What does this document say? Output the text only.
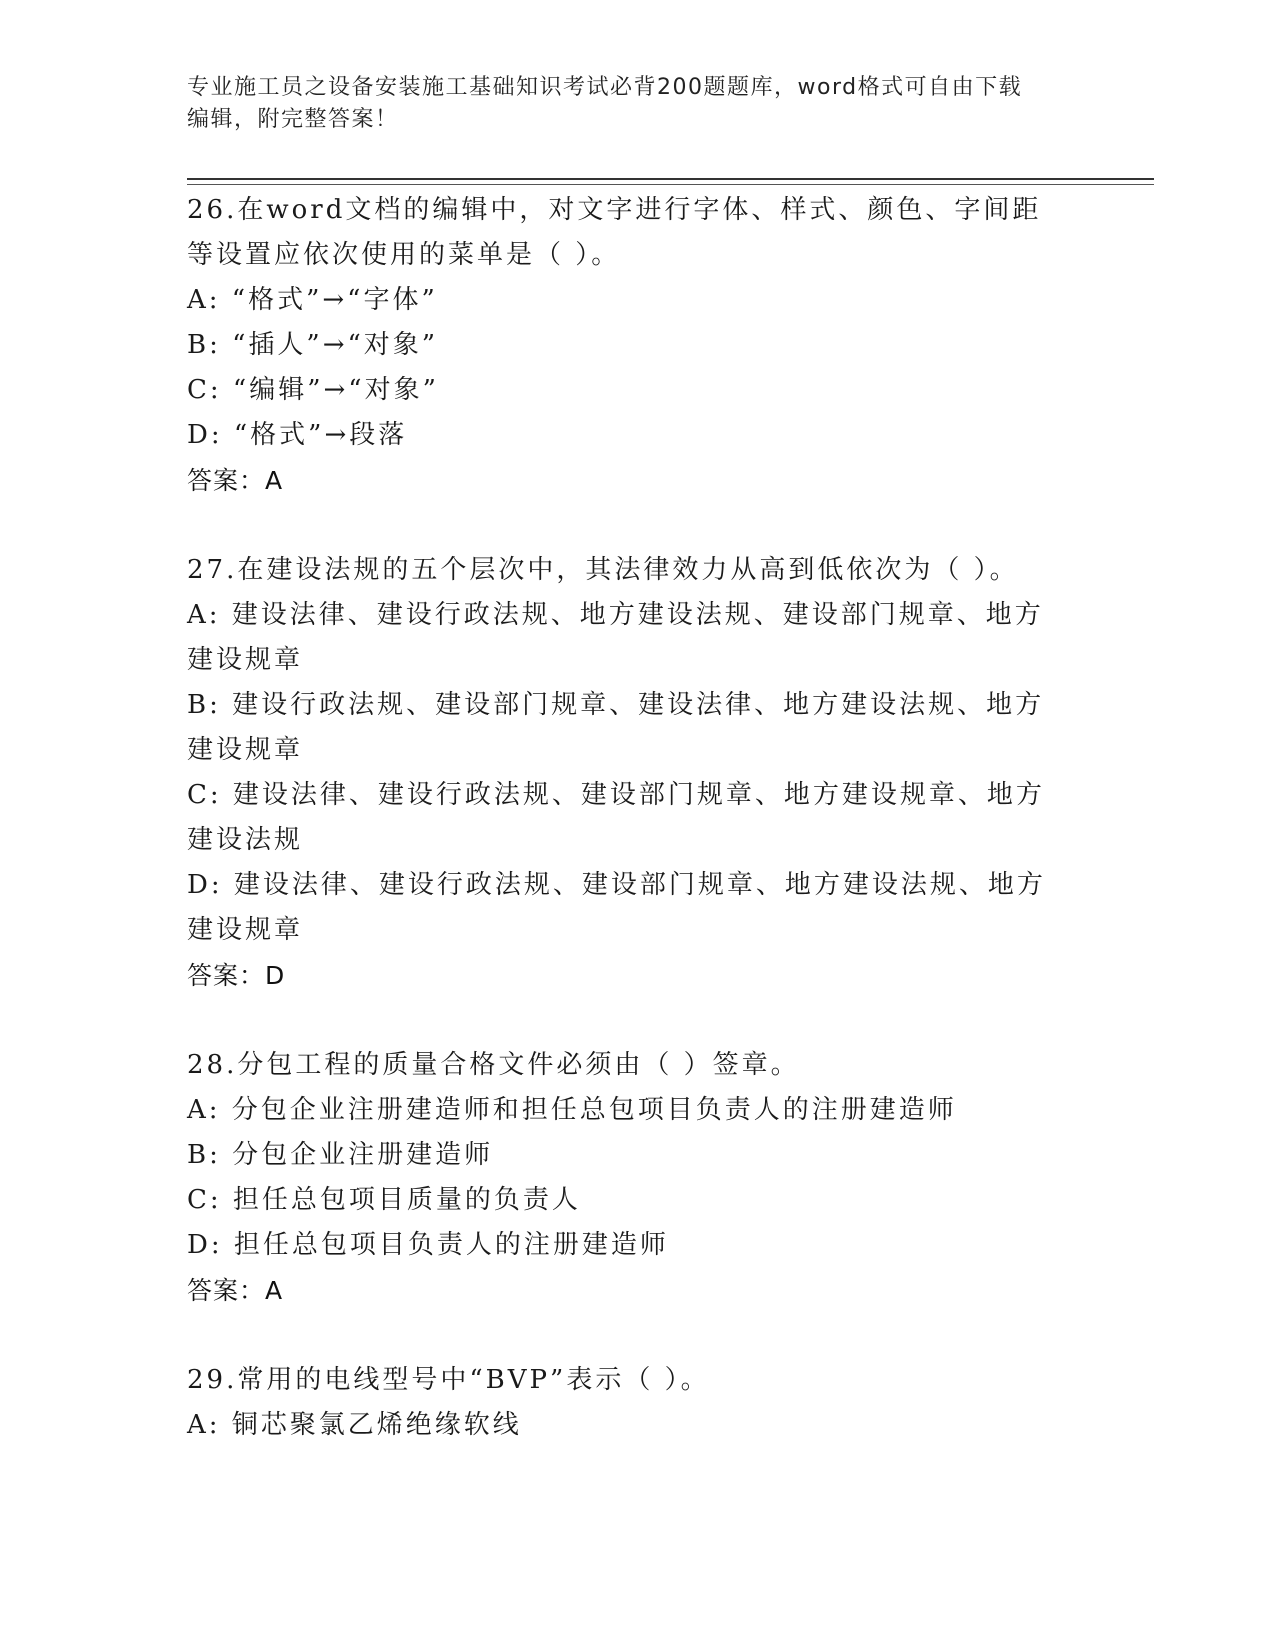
专业施工员之设备安装施工基础知识考试必背200题题库，word格式可自由下载
编辑，附完整答案！

26.在word文档的编辑中，对文字进行字体、样式、颜色、字间距等设置应依次使用的菜单是（ ）。

A: “格式”→“字体”

B: “插人”→“对象”

C: “编辑”→“对象”

D: “格式”→段落

答案：A

27.在建设法规的五个层次中，其法律效力从高到低依次为（ ）。

A: 建设法律、建设行政法规、地方建设法规、建设部门规章、地方建设规章

B: 建设行政法规、建设部门规章、建设法律、地方建设法规、地方建设规章

C: 建设法律、建设行政法规、建设部门规章、地方建设规章、地方建设法规

D: 建设法律、建设行政法规、建设部门规章、地方建设法规、地方建设规章

答案：D

28.分包工程的质量合格文件必须由（ ）签章。

A: 分包企业注册建造师和担任总包项目负责人的注册建造师

B: 分包企业注册建造师

C: 担任总包项目质量的负责人

D: 担任总包项目负责人的注册建造师

答案：A

29.常用的电线型号中“BVP”表示（ ）。

A: 铜芯聚氯乙烯绝缘软线
